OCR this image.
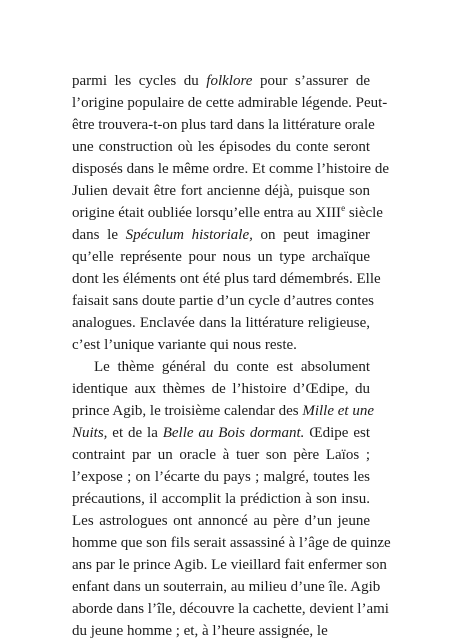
parmi les cycles du folklore pour s’assurer de
l’origine populaire de cette admirable légende. Peut-
être trouvera-t-on plus tard dans la littérature orale
une construction où les épisodes du conte seront
disposés dans le même ordre. Et comme l’histoire de
Julien devait être fort ancienne déjà, puisque son
origine était oubliée lorsqu’elle entra au XIIIe siècle
dans le Spéculum historiale, on peut imaginer
qu’elle représente pour nous un type archaïque
dont les éléments ont été plus tard démembrés. Elle
faisait sans doute partie d’un cycle d’autres contes
analogues. Enclavée dans la littérature religieuse,
c’est l’unique variante qui nous reste.
Le thème général du conte est absolument
identique aux thèmes de l’histoire d’Œdipe, du
prince Agib, le troisième calendar des Mille et une
Nuits, et de la Belle au Bois dormant. Œdipe est
contraint par un oracle à tuer son père Laïos ;
l’expose ; on l’écarte du pays ; malgré, toutes les
précautions, il accomplit la prédiction à son insu.
Les astrologues ont annoncé au père d’un jeune
homme que son fils serait assassiné à l’âge de quinze
ans par le prince Agib. Le vieillard fait enfermer son
enfant dans un souterrain, au milieu d’une île. Agib
aborde dans l’île, découvre la cachette, devient l’ami
du jeune homme ; et, à l’heure assignée, le
